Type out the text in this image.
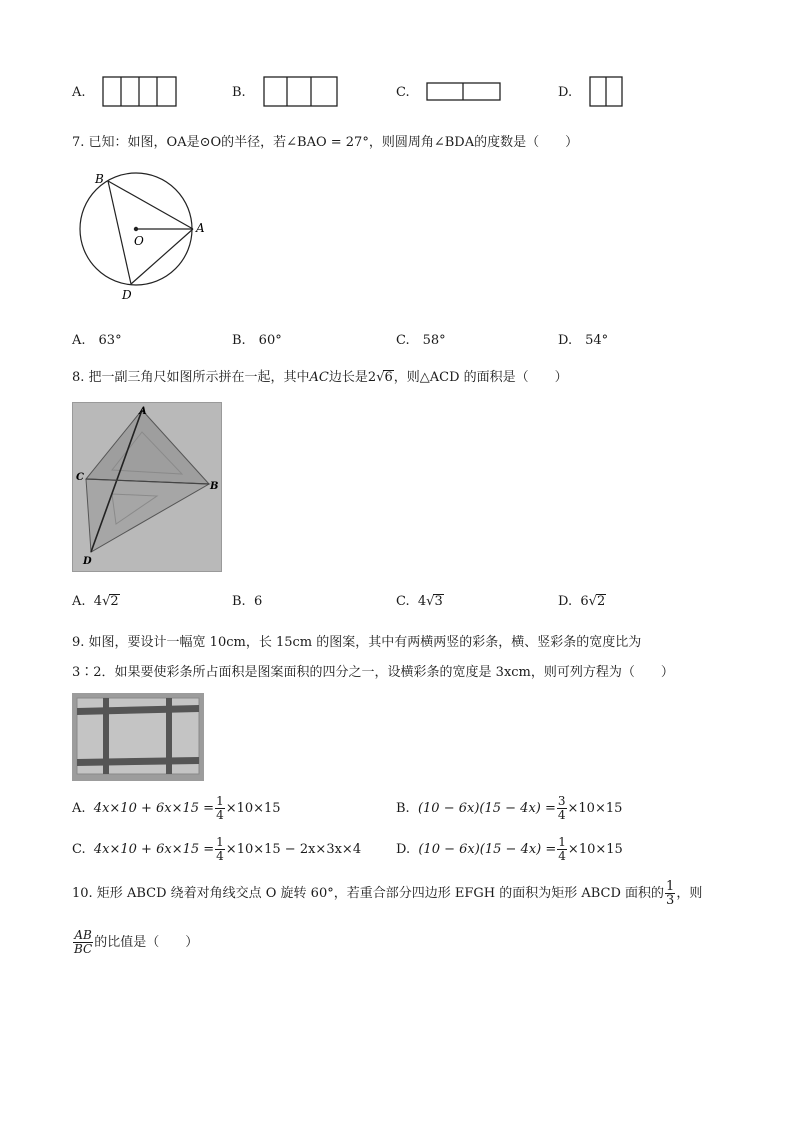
A.	B.	C.	D.
7. 已知：如图，OA是⊙O的半径，若∠BAO = 27°，则圆周角∠BDA的度数是（　　）
B
A
O
D
A.　63°	B.　60°	C.　58°	D.　54°
8. 把一副三角尺如图所示拼在一起，其中AC边长是2√6，则△ACD 的面积是（　　）
A
C
B
D
A. 4√2	B. 6	C. 4√3	D. 6√2
9. 如图，要设计一幅宽 10cm，长 15cm 的图案，其中有两横两竖的彩条，横、竖彩条的宽度比为
3∶2．如果要使彩条所占面积是图案面积的四分之一，设横彩条的宽度是 3xcm，则可列方程为（　　）
A. $4x\times 10 + 6x\times 15 = \frac{1}{4} \times 10\times 15$	B. $(10 - 6x)(15 - 4x) = \frac{3}{4} \times 10\times 15$
C. $4x\times 10 + 6x\times 15 = \frac{1}{4} \times 10\times 15 - 2x\times 3x\times 4$	D. $(10 - 6x)(15 - 4x) = \frac{1}{4} \times 10\times 15$
10. 矩形 ABCD 绕着对角线交点 O 旋转 60°，若重合部分四边形 EFGH 的面积为矩形 ABCD 面积的 $\frac{1}{3}$ ，则
$\frac{AB}{BC}$ 的比值是（　　）
